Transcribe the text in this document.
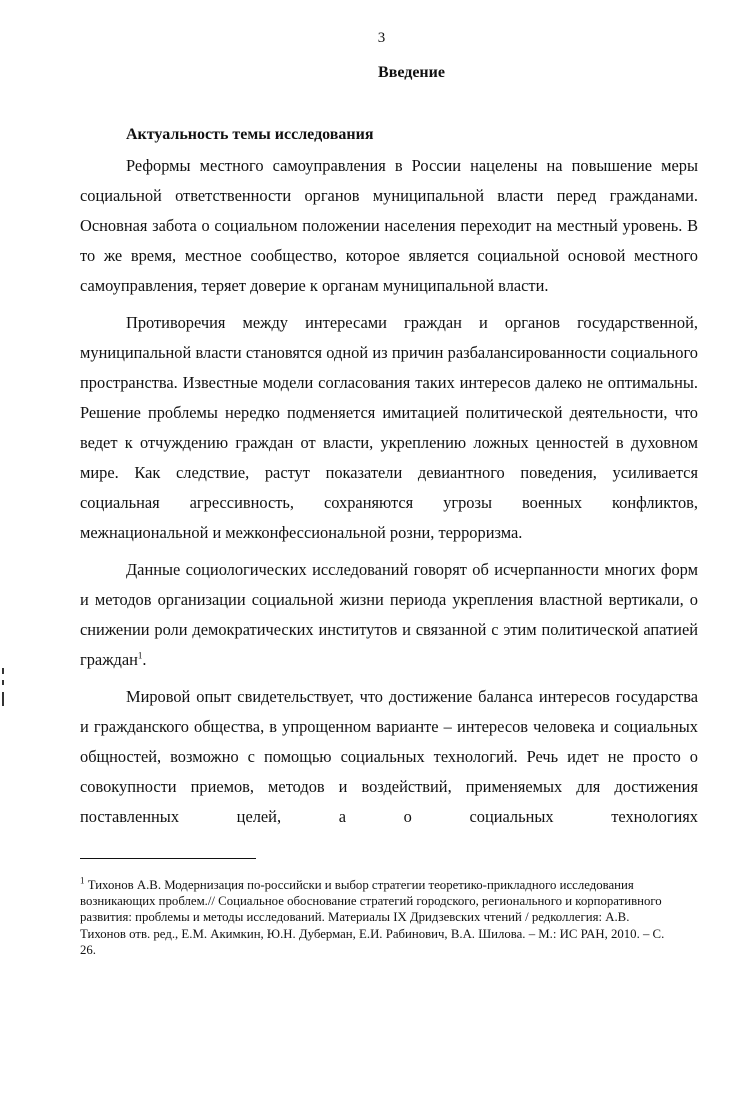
3
Введение
Актуальность темы исследования

Реформы местного самоуправления в России нацелены на повышение меры социальной ответственности органов муниципальной власти перед гражданами. Основная забота о социальном положении населения переходит на местный уровень. В то же время, местное сообщество, которое является социальной основой местного самоуправления, теряет доверие к органам муниципальной власти.

Противоречия между интересами граждан и органов государственной, муниципальной власти становятся одной из причин разбалансированности социального пространства. Известные модели согласования таких интересов далеко не оптимальны. Решение проблемы нередко подменяется имитацией политической деятельности, что ведет к отчуждению граждан от власти, укреплению ложных ценностей в духовном мире. Как следствие, растут показатели девиантного поведения, усиливается социальная агрессивность, сохраняются угрозы военных конфликтов, межнациональной и межконфессиональной розни, терроризма.

Данные социологических исследований говорят об исчерпанности многих форм и методов организации социальной жизни периода укрепления властной вертикали, о снижении роли демократических институтов и связанной с этим политической апатией граждан$^1$.

Мировой опыт свидетельствует, что достижение баланса интересов государства и гражданского общества, в упрощенном варианте – интересов человека и социальных общностей, возможно с помощью социальных технологий. Речь идет не просто о совокупности приемов, методов и воздействий, применяемых для достижения поставленных целей, а о социальных технологиях

$^1$ Тихонов А.В. Модернизация по-российски и выбор стратегии теоретико-прикладного исследования возникающих проблем.// Социальное обоснование стратегий городского, регионального и корпоративного развития: проблемы и методы исследований. Материалы IX Дридзевских чтений / редколлегия: А.В. Тихонов отв. ред., Е.М. Акимкин, Ю.Н. Дуберман, Е.И. Рабинович, В.А. Шилова. – М.: ИС РАН, 2010. – С. 26.
